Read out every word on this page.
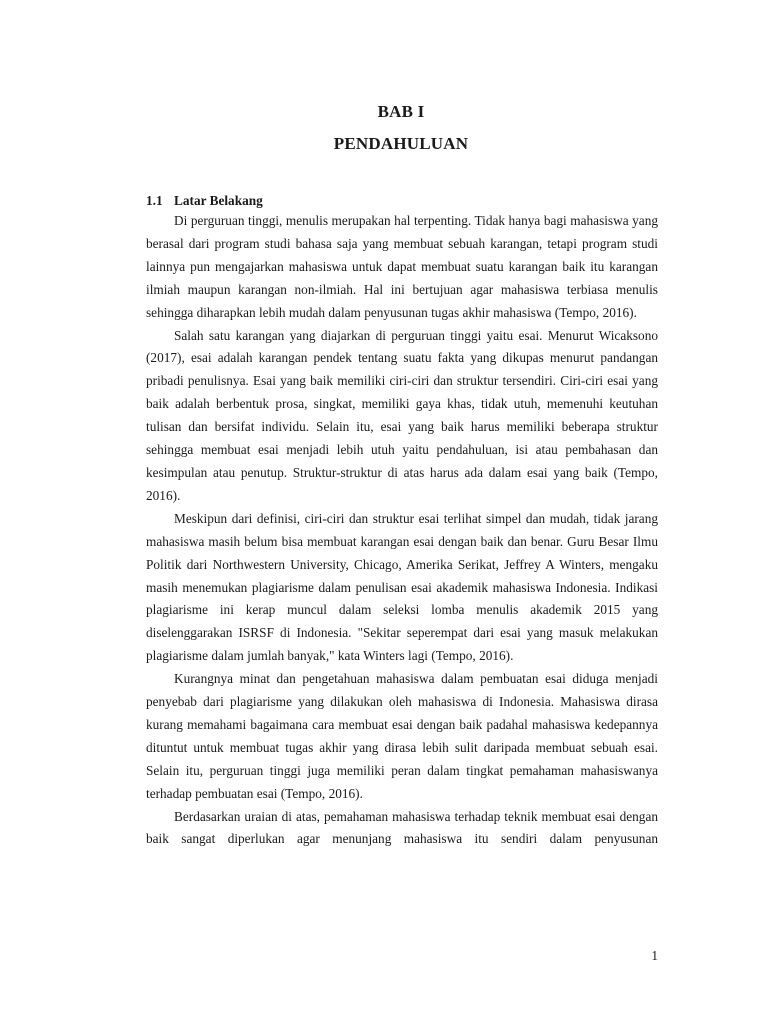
BAB I
PENDAHULUAN
1.1 Latar Belakang

Di perguruan tinggi, menulis merupakan hal terpenting. Tidak hanya bagi mahasiswa yang berasal dari program studi bahasa saja yang membuat sebuah karangan, tetapi program studi lainnya pun mengajarkan mahasiswa untuk dapat membuat suatu karangan baik itu karangan ilmiah maupun karangan non-ilmiah. Hal ini bertujuan agar mahasiswa terbiasa menulis sehingga diharapkan lebih mudah dalam penyusunan tugas akhir mahasiswa (Tempo, 2016).

Salah satu karangan yang diajarkan di perguruan tinggi yaitu esai. Menurut Wicaksono (2017), esai adalah karangan pendek tentang suatu fakta yang dikupas menurut pandangan pribadi penulisnya. Esai yang baik memiliki ciri-ciri dan struktur tersendiri. Ciri-ciri esai yang baik adalah berbentuk prosa, singkat, memiliki gaya khas, tidak utuh, memenuhi keutuhan tulisan dan bersifat individu. Selain itu, esai yang baik harus memiliki beberapa struktur sehingga membuat esai menjadi lebih utuh yaitu pendahuluan, isi atau pembahasan dan kesimpulan atau penutup. Struktur-struktur di atas harus ada dalam esai yang baik (Tempo, 2016).

Meskipun dari definisi, ciri-ciri dan struktur esai terlihat simpel dan mudah, tidak jarang mahasiswa masih belum bisa membuat karangan esai dengan baik dan benar. Guru Besar Ilmu Politik dari Northwestern University, Chicago, Amerika Serikat, Jeffrey A Winters, mengaku masih menemukan plagiarisme dalam penulisan esai akademik mahasiswa Indonesia. Indikasi plagiarisme ini kerap muncul dalam seleksi lomba menulis akademik 2015 yang diselenggarakan ISRSF di Indonesia. "Sekitar seperempat dari esai yang masuk melakukan plagiarisme dalam jumlah banyak," kata Winters lagi (Tempo, 2016).

Kurangnya minat dan pengetahuan mahasiswa dalam pembuatan esai diduga menjadi penyebab dari plagiarisme yang dilakukan oleh mahasiswa di Indonesia. Mahasiswa dirasa kurang memahami bagaimana cara membuat esai dengan baik padahal mahasiswa kedepannya dituntut untuk membuat tugas akhir yang dirasa lebih sulit daripada membuat sebuah esai. Selain itu, perguruan tinggi juga memiliki peran dalam tingkat pemahaman mahasiswanya terhadap pembuatan esai (Tempo, 2016).

Berdasarkan uraian di atas, pemahaman mahasiswa terhadap teknik membuat esai dengan baik sangat diperlukan agar menunjang mahasiswa itu sendiri dalam penyusunan

1
